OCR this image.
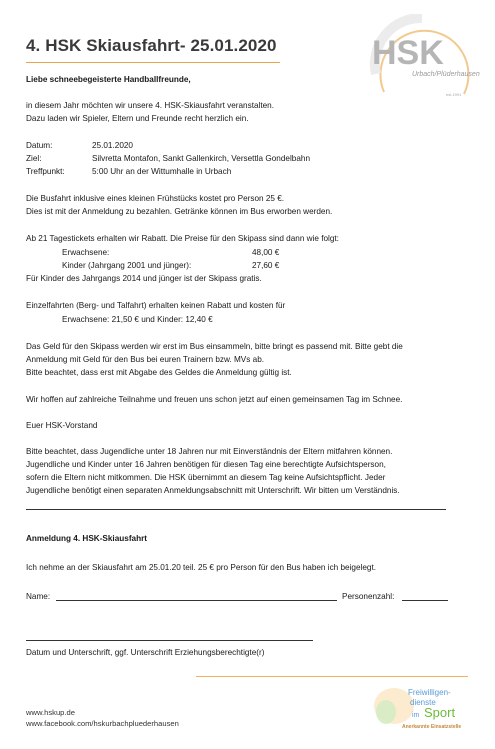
4. HSK Skiausfahrt- 25.01.2020	HSK
Urbach/Plüderhausen
est.1991
Liebe schneebegeisterte Handballfreunde,
in diesem Jahr möchten wir unsere 4. HSK-Skiausfahrt veranstalten.
Dazu laden wir Spieler, Eltern und Freunde recht herzlich ein.
Datum:	25.01.2020
Ziel:	Silvretta Montafon, Sankt Gallenkirch, Versettla Gondelbahn
Treffpunkt:	5:00 Uhr an der Wittumhalle in Urbach
Die Busfahrt inklusive eines kleinen Frühstücks kostet pro Person 25 €.
Dies ist mit der Anmeldung zu bezahlen. Getränke können im Bus erworben werden.
Ab 21 Tagestickets erhalten wir Rabatt. Die Preise für den Skipass sind dann wie folgt:
Erwachsene:	48,00 €
Kinder (Jahrgang 2001 und jünger):	27,60 €
Für Kinder des Jahrgangs 2014 und jünger ist der Skipass gratis.
Einzelfahrten (Berg- und Talfahrt) erhalten keinen Rabatt und kosten für
Erwachsene: 21,50 € und Kinder: 12,40 €
Das Geld für den Skipass werden wir erst im Bus einsammeln, bitte bringt es passend mit. Bitte gebt die
Anmeldung mit Geld für den Bus bei euren Trainern bzw. MVs ab.
Bitte beachtet, dass erst mit Abgabe des Geldes die Anmeldung gültig ist.
Wir hoffen auf zahlreiche Teilnahme und freuen uns schon jetzt auf einen gemeinsamen Tag im Schnee.
Euer HSK-Vorstand
Bitte beachtet, dass Jugendliche unter 18 Jahren nur mit Einverständnis der Eltern mitfahren können.
Jugendliche und Kinder unter 16 Jahren benötigen für diesen Tag eine berechtigte Aufsichtsperson,
sofern die Eltern nicht mitkommen. Die HSK übernimmt an diesem Tag keine Aufsichtspflicht. Jeder
Jugendliche benötigt einen separaten Anmeldungsabschnitt mit Unterschrift. Wir bitten um Verständnis.
Anmeldung 4. HSK-Skiausfahrt
Ich nehme an der Skiausfahrt am 25.01.20 teil. 25 € pro Person für den Bus haben ich beigelegt.
Name:	Personenzahl:
Datum und Unterschrift, ggf. Unterschrift Erziehungsberechtigte(r)
www.hskup.de
www.facebook.com/hskurbachpluederhausen
Freiwilligen-
dienste
im Sport
Anerkannte Einsatzstelle
